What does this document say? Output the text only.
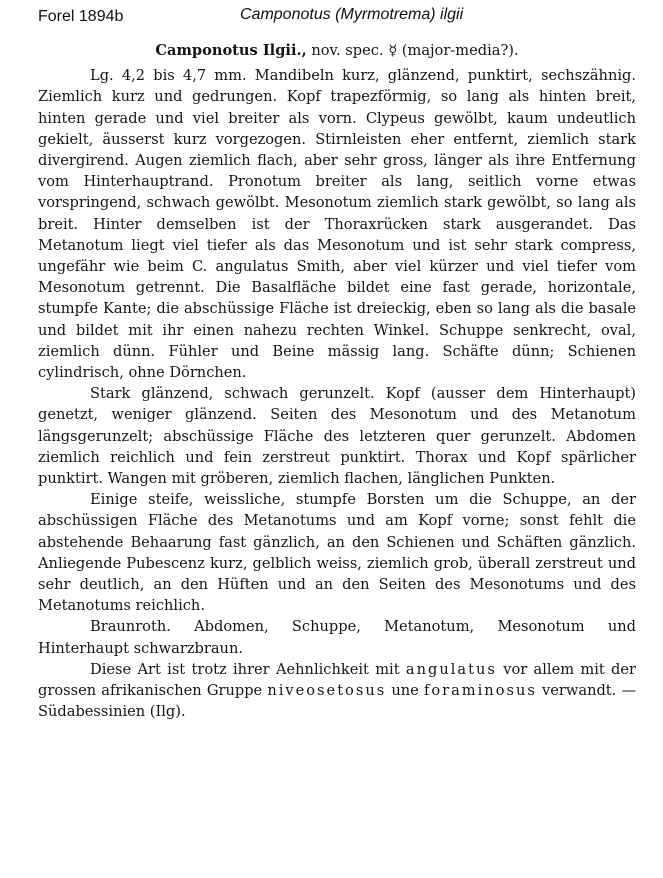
Forel 1894b	Camponotus (Myrmotrema) ilgii
Camponotus Ilgii., nov. spec. ☿ (major-media?).

Lg. 4,2 bis 4,7 mm. Mandibeln kurz, glänzend, punktirt, sechszähnig. Ziemlich kurz und gedrungen. Kopf trapezförmig, so lang als hinten breit, hinten gerade und viel breiter als vorn. Clypeus gewölbt, kaum undeutlich gekielt, äusserst kurz vorgezogen. Stirnleisten eher entfernt, ziemlich stark divergirend. Augen ziemlich flach, aber sehr gross, länger als ihre Entfernung vom Hinterhauptrand. Pronotum breiter als lang, seitlich vorne etwas vorspringend, schwach gewölbt. Mesonotum ziemlich stark gewölbt, so lang als breit. Hinter demselben ist der Thoraxrücken stark ausgerandet. Das Metanotum liegt viel tiefer als das Mesonotum und ist sehr stark compress, ungefähr wie beim C. angulatus Smith, aber viel kürzer und viel tiefer vom Mesonotum getrennt. Die Basalfläche bildet eine fast gerade, horizontale, stumpfe Kante; die abschüssige Fläche ist dreieckig, eben so lang als die basale und bildet mit ihr einen nahezu rechten Winkel. Schuppe senkrecht, oval, ziemlich dünn. Fühler und Beine mässig lang. Schäfte dünn; Schienen cylindrisch, ohne Dörnchen.

Stark glänzend, schwach gerunzelt. Kopf (ausser dem Hinterhaupt) genetzt, weniger glänzend. Seiten des Mesonotum und des Metanotum längsgerunzelt; abschüssige Fläche des letzteren quer gerunzelt. Abdomen ziemlich reichlich und fein zerstreut punktirt. Thorax und Kopf spärlicher punktirt. Wangen mit gröberen, ziemlich flachen, länglichen Punkten.

Einige steife, weissliche, stumpfe Borsten um die Schuppe, an der abschüssigen Fläche des Metanotums und am Kopf vorne; sonst fehlt die abstehende Behaarung fast gänzlich, an den Schienen und Schäften gänzlich. Anliegende Pubescenz kurz, gelblich weiss, ziemlich grob, überall zerstreut und sehr deutlich, an den Hüften und an den Seiten des Mesonotums und des Metanotums reichlich.

Braunroth. Abdomen, Schuppe, Metanotum, Mesonotum und Hinterhaupt schwarzbraun.

Diese Art ist trotz ihrer Aehnlichkeit mit angulatus vor allem mit der grossen afrikanischen Gruppe niveosetosus une foraminosus verwandt. — Südabessinien (Ilg).
